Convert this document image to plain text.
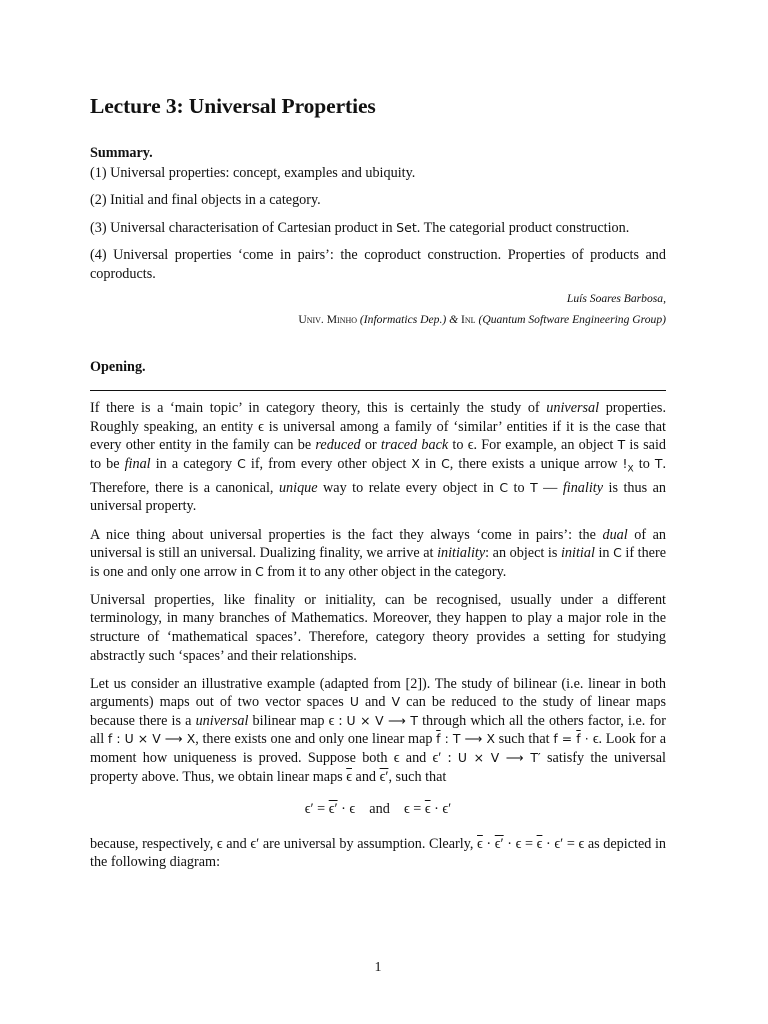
Lecture 3: Universal Properties
Summary.
(1) Universal properties: concept, examples and ubiquity.
(2) Initial and final objects in a category.
(3) Universal characterisation of Cartesian product in Set. The categorial product construction.
(4) Universal properties ‘come in pairs’: the coproduct construction. Properties of products and coproducts.
Luís Soares Barbosa,
Univ. Minho (Informatics Dep.) & Inl (Quantum Software Engineering Group)
Opening.

If there is a ‘main topic’ in category theory, this is certainly the study of universal properties. Roughly speaking, an entity ϵ is universal among a family of ‘similar’ entities if it is the case that every other entity in the family can be reduced or traced back to ϵ. For example, an object T is said to be final in a category C if, from every other object X in C, there exists a unique arrow $!_X$ to T. Therefore, there is a canonical, unique way to relate every object in C to T — finality is thus an universal property.

A nice thing about universal properties is the fact they always ‘come in pairs’: the dual of an universal is still an universal. Dualizing finality, we arrive at initiality: an object is initial in C if there is one and only one arrow in C from it to any other object in the category.

Universal properties, like finality or initiality, can be recognised, usually under a different terminology, in many branches of Mathematics. Moreover, they happen to play a major role in the structure of ‘mathematical spaces’. Therefore, category theory provides a setting for studying abstractly such ‘spaces’ and their relationships.

Let us consider an illustrative example (adapted from [2]). The study of bilinear (i.e. linear in both arguments) maps out of two vector spaces U and V can be reduced to the study of linear maps because there is a universal bilinear map ϵ : U × V ⟶ T through which all the others factor, i.e. for all f : U × V ⟶ X, there exists one and only one linear map $\overline{f}$ : T ⟶ X such that $f = \overline{f} \cdot \epsilon$. Look for a moment how uniqueness is proved. Suppose both ϵ and ϵ′ : U × V ⟶ T′ satisfy the universal property above. Thus, we obtain linear maps $\overline{\epsilon}$ and ϵ′, such that

ϵ′ = ϵ′ · ϵ    and    $\epsilon = \overline{\epsilon} \cdot \epsilon'$

because, respectively, ϵ and ϵ′ are universal by assumption. Clearly, $\overline{\epsilon} \cdot \epsilon' \cdot \epsilon = \overline{\epsilon} \cdot \epsilon' = \epsilon$ as depicted in the following diagram:

1
